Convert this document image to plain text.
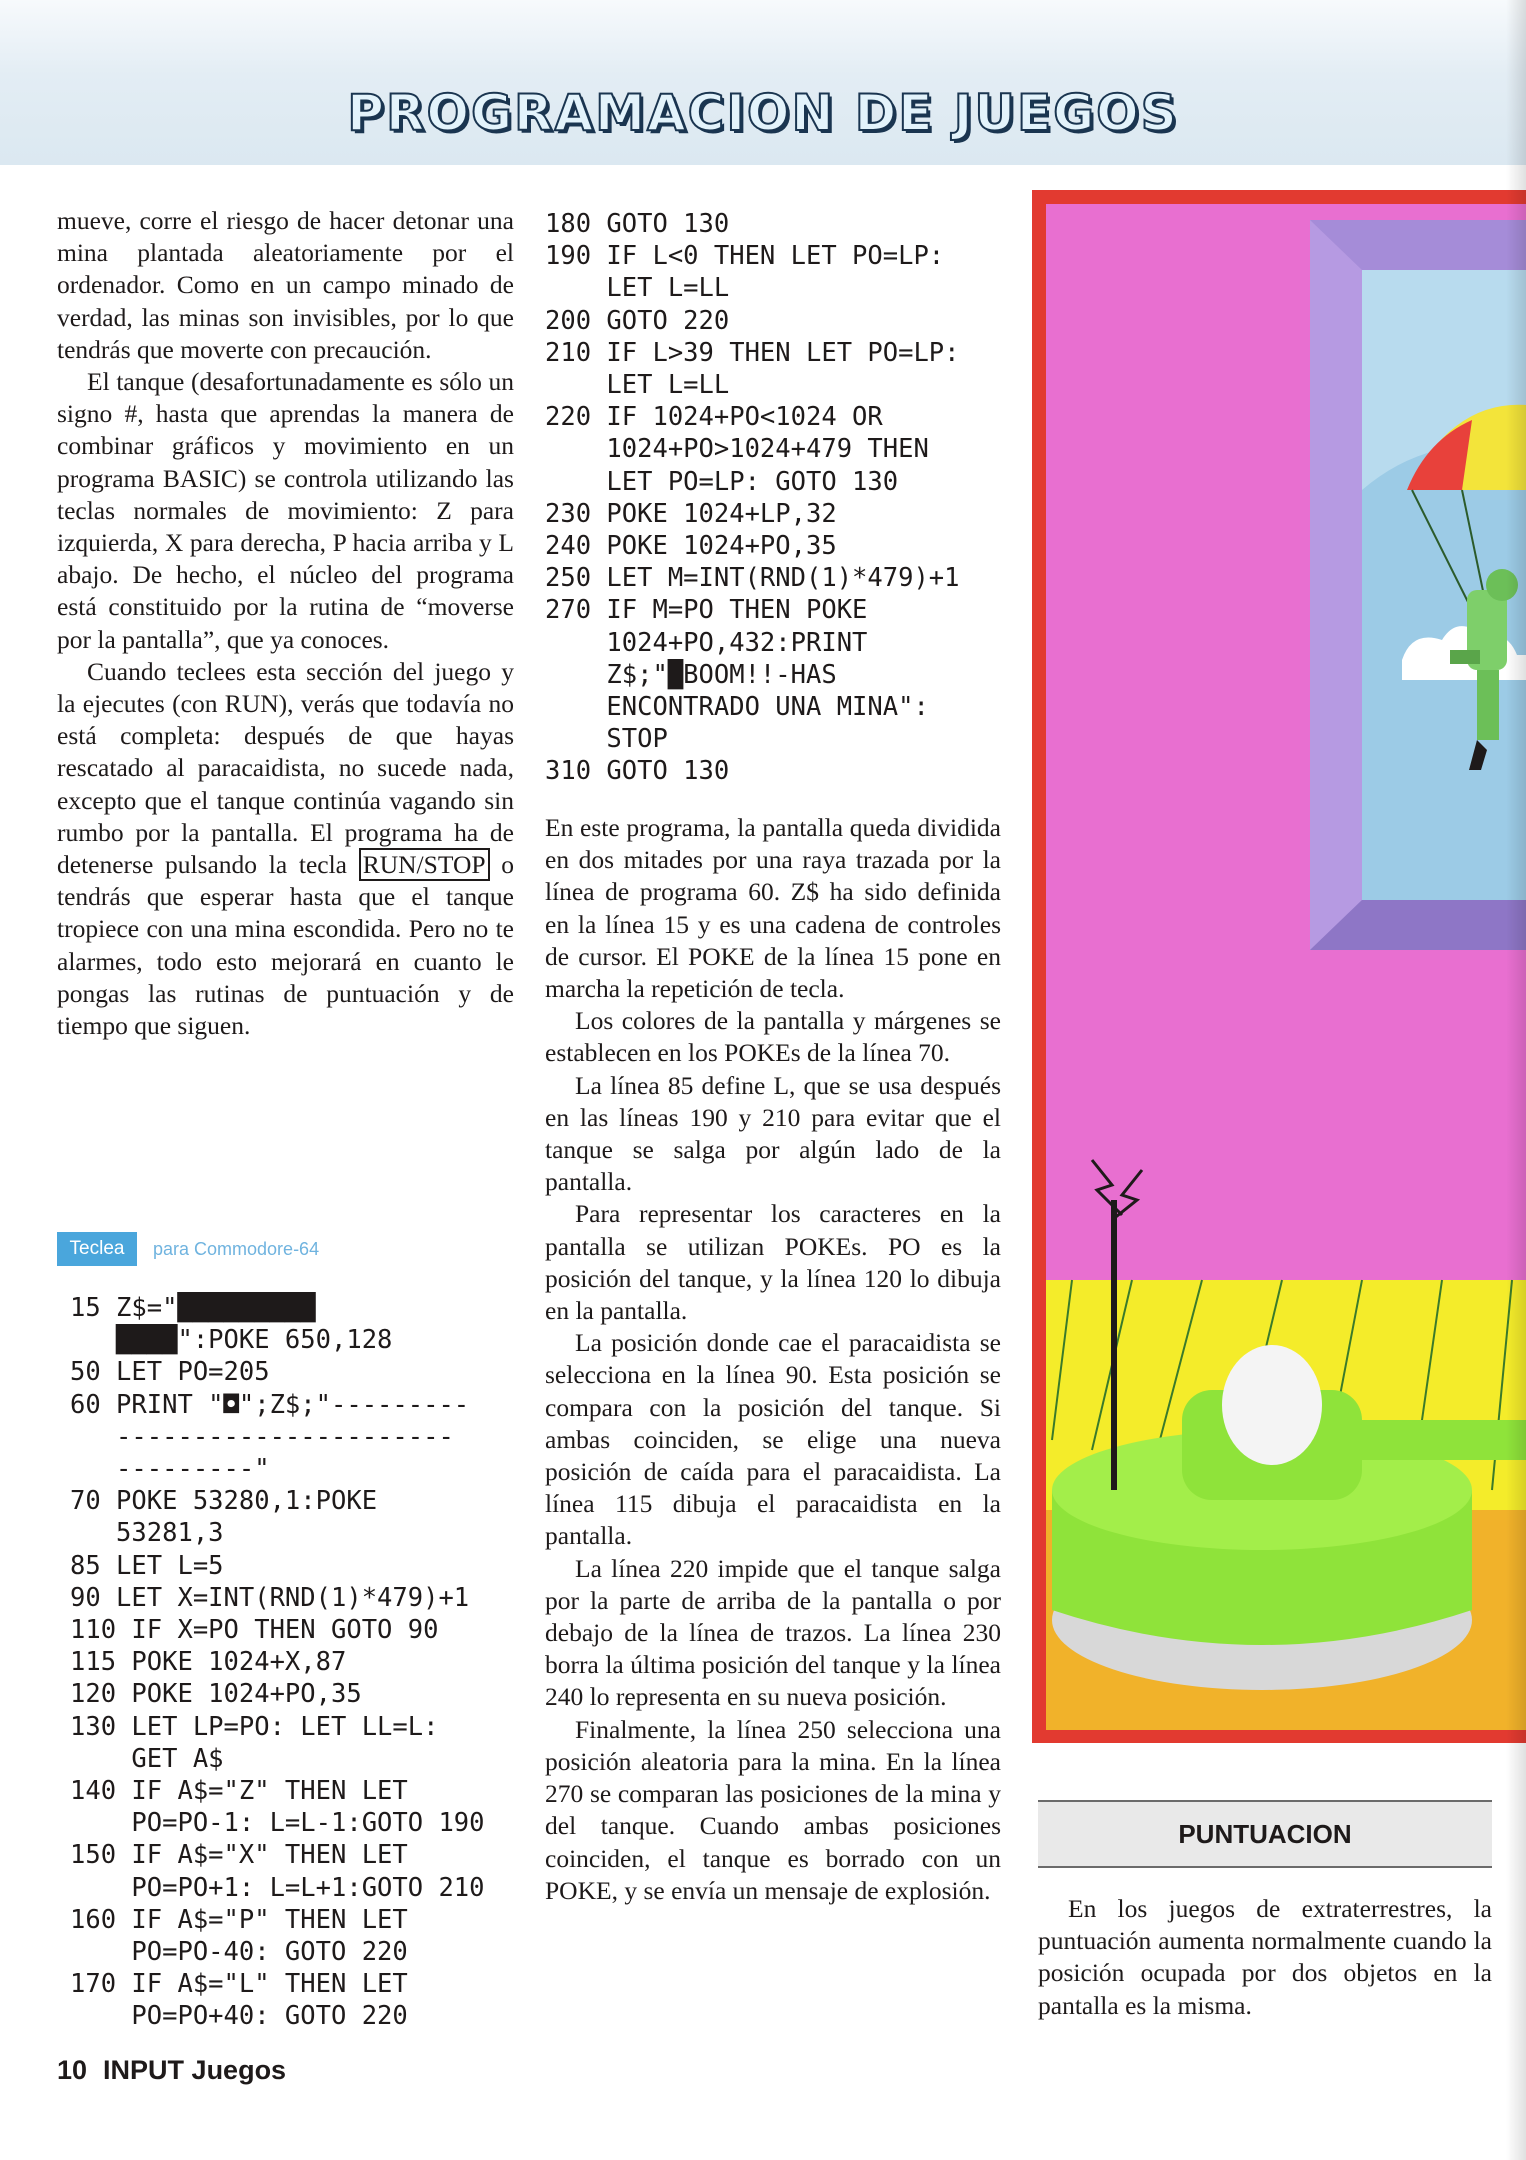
PROGRAMACION DE JUEGOS

mueve, corre el riesgo de hacer detonar una mina plantada aleatoriamente por el ordenador. Como en un campo minado de verdad, las minas son invisibles, por lo que tendrás que moverte con precaución.

El tanque (desafortunadamente es sólo un signo #, hasta que aprendas la manera de combinar gráficos y movimiento en un programa BASIC) se controla utilizando las teclas normales de movimiento: Z para izquierda, X para derecha, P hacia arriba y L abajo. De hecho, el núcleo del programa está constituido por la rutina de “moverse por la pantalla”, que ya conoces.

Cuando teclees esta sección del juego y la ejecutes (con RUN), verás que todavía no está completa: después de que hayas rescatado al paracaidista, no sucede nada, excepto que el tanque continúa vagando sin rumbo por la pantalla. El programa ha de detenerse pulsando la tecla RUN/STOP o tendrás que esperar hasta que el tanque tropiece con una mina escondida. Pero no te alarmes, todo esto mejorará en cuanto le pongas las rutinas de puntuación y de tiempo que siguen.

Teclea	para Commodore-64
15 Z$="█████████
████":POKE 650,128
50 LET PO=205
60 PRINT "◘";Z$;"---------
----------------------
---------"
70 POKE 53280,1:POKE
53281,3
85 LET L=5
90 LET X=INT(RND(1)*479)+1
110 IF X=PO THEN GOTO 90
115 POKE 1024+X,87
120 POKE 1024+PO,35
130 LET LP=PO: LET LL=L:
GET A$
140 IF A$="Z" THEN LET
PO=PO-1: L=L-1:GOTO 190
150 IF A$="X" THEN LET
PO=PO+1: L=L+1:GOTO 210
160 IF A$="P" THEN LET
PO=PO-40: GOTO 220
170 IF A$="L" THEN LET
PO=PO+40: GOTO 220
180 GOTO 130
190 IF L<0 THEN LET PO=LP:
LET L=LL
200 GOTO 220
210 IF L>39 THEN LET PO=LP:
LET L=LL
220 IF 1024+PO<1024 OR
1024+PO>1024+479 THEN
LET PO=LP: GOTO 130
230 POKE 1024+LP,32
240 POKE 1024+PO,35
250 LET M=INT(RND(1)*479)+1
270 IF M=PO THEN POKE
1024+PO,432:PRINT
Z$;"█BOOM!!-HAS
ENCONTRADO UNA MINA":
STOP
310 GOTO 130

En este programa, la pantalla queda dividida en dos mitades por una raya trazada por la línea de programa 60. Z$ ha sido definida en la línea 15 y es una cadena de controles de cursor. El POKE de la línea 15 pone en marcha la repetición de tecla.

Los colores de la pantalla y márgenes se establecen en los POKEs de la línea 70.

La línea 85 define L, que se usa después en las líneas 190 y 210 para evitar que el tanque se salga por algún lado de la pantalla.

Para representar los caracteres en la pantalla se utilizan POKEs. PO es la posición del tanque, y la línea 120 lo dibuja en la pantalla.

La posición donde cae el paracaidista se selecciona en la línea 90. Esta posición se compara con la posición del tanque. Si ambas coinciden, se elige una nueva posición de caída para el paracaidista. La línea 115 dibuja el paracaidista en la pantalla.

La línea 220 impide que el tanque salga por la parte de arriba de la pantalla o por debajo de la línea de trazos. La línea 230 borra la última posición del tanque y la línea 240 lo representa en su nueva posición.

Finalmente, la línea 250 selecciona una posición aleatoria para la mina. En la línea 270 se comparan las posiciones de la mina y del tanque. Cuando ambas posiciones coinciden, el tanque es borrado con un POKE, y se envía un mensaje de explosión.

PUNTUACION

En los juegos de extraterrestres, la puntuación aumenta normalmente cuando la posición ocupada por dos objetos en la pantalla es la misma.

10 INPUT Juegos
